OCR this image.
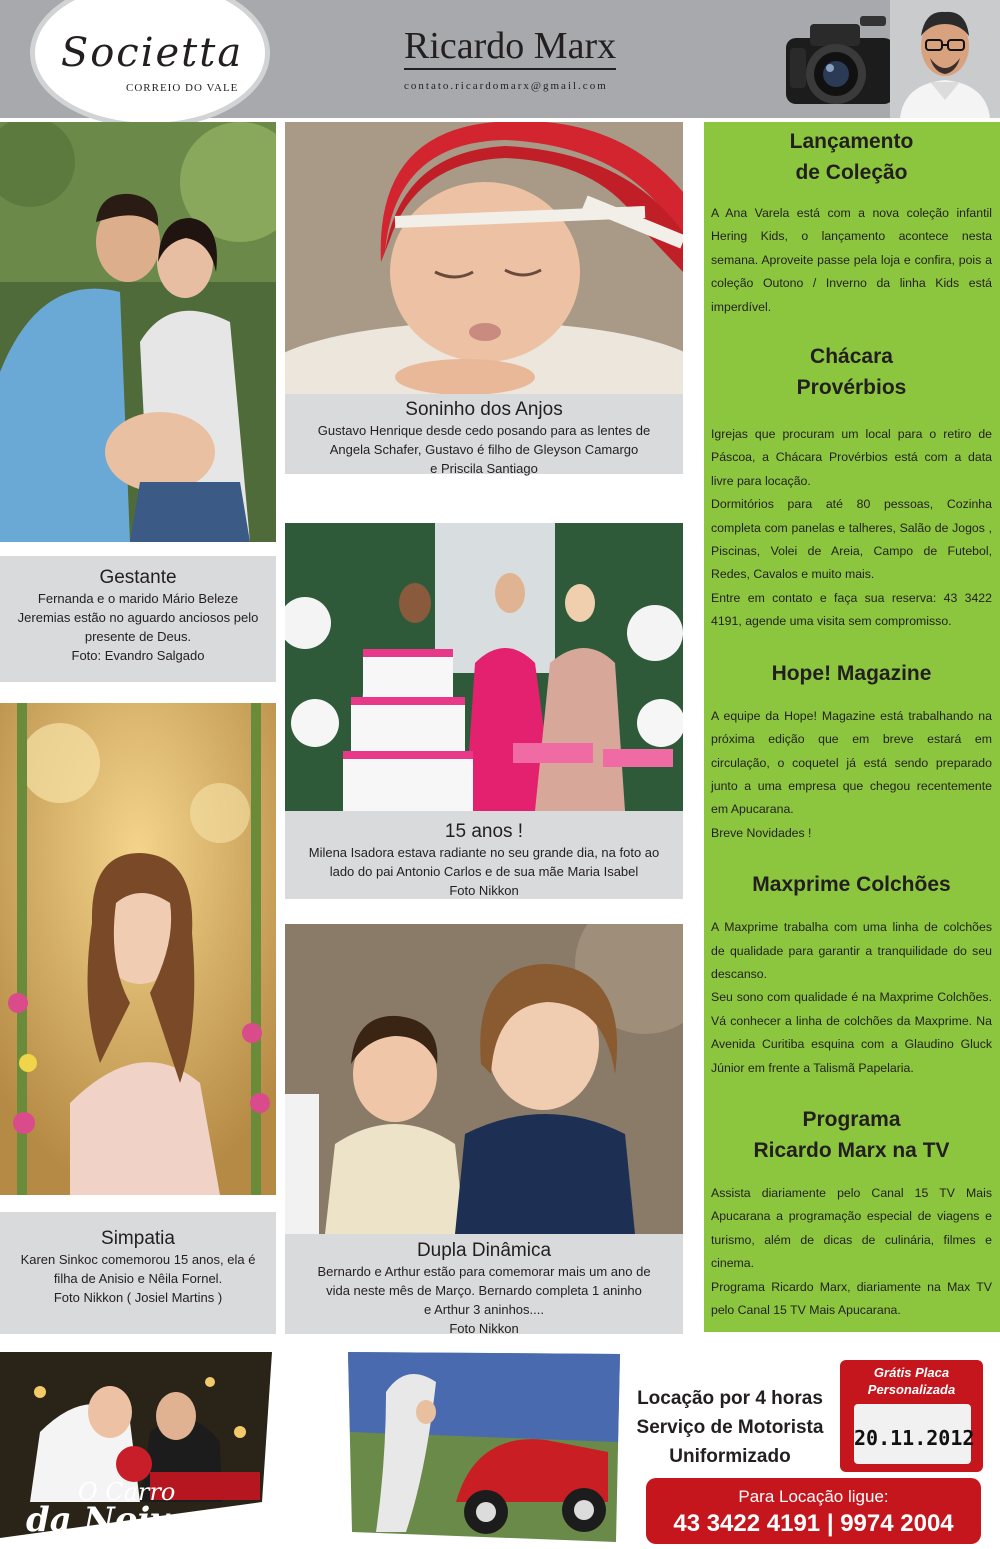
Societta
CORREIO DO VALE
Ricardo Marx
contato.ricardomarx@gmail.com
Gestante
Fernanda e o marido Mário Beleze
Jeremias estão no aguardo anciosos pelo
presente de Deus.
Foto: Evandro Salgado
Simpatia
Karen Sinkoc comemorou 15 anos, ela é
filha de Anisio e Nêila Fornel.
Foto Nikkon ( Josiel Martins )
Soninho dos Anjos
Gustavo Henrique desde cedo posando para as lentes de
Angela Schafer, Gustavo é filho de Gleyson Camargo
e Priscila Santiago
15 anos !
Milena Isadora estava radiante no seu grande dia, na foto ao
lado do pai Antonio Carlos e de sua mãe Maria Isabel
Foto Nikkon
Dupla Dinâmica
Bernardo e Arthur estão para comemorar mais um ano de
vida neste mês de Março. Bernardo completa 1 aninho
e Arthur 3 aninhos....
Foto Nikkon
Lançamento
de Coleção
A Ana Varela está com a nova coleção infantil Hering Kids, o lançamento acontece nesta semana. Aproveite passe pela loja e confira, pois a coleção Outono / Inverno da linha Kids está imperdível.
Chácara
Provérbios
Igrejas que procuram um local para o retiro de Páscoa, a Chácara Provérbios está com a data livre para locação.
Dormitórios para até 80 pessoas, Cozinha completa com panelas e talheres, Salão de Jogos , Piscinas, Volei de Areia, Campo de Futebol, Redes, Cavalos e muito mais.
Entre em contato e faça sua reserva: 43 3422 4191, agende uma visita sem compromisso.
Hope! Magazine
A equipe da Hope! Magazine está trabalhando na próxima edição que em breve estará em circulação, o coquetel já está sendo preparado junto a uma empresa que chegou recentemente em Apucarana.
Breve Novidades !
Maxprime Colchões
A Maxprime trabalha com uma linha de colchões de qualidade para garantir a tranquilidade do seu descanso.
Seu sono com qualidade é na Maxprime Colchões. Vá conhecer a linha de colchões da Maxprime. Na Avenida Curitiba esquina com a Glaudino Gluck Júnior em frente a Talismã Papelaria.
Programa
Ricardo Marx na TV
Assista diariamente pelo Canal 15 TV Mais Apucarana a programação especial de viagens e turismo, além de dicas de culinária, filmes e cinema.
Programa Ricardo Marx, diariamente na Max TV pelo Canal 15 TV Mais Apucarana.
O Carro
da Noiva
Locação por 4 horas
Serviço de Motorista
Uniformizado
Grátis Placa
Personalizada
20.11.2012
Para Locação ligue:
43 3422 4191 | 9974 2004
